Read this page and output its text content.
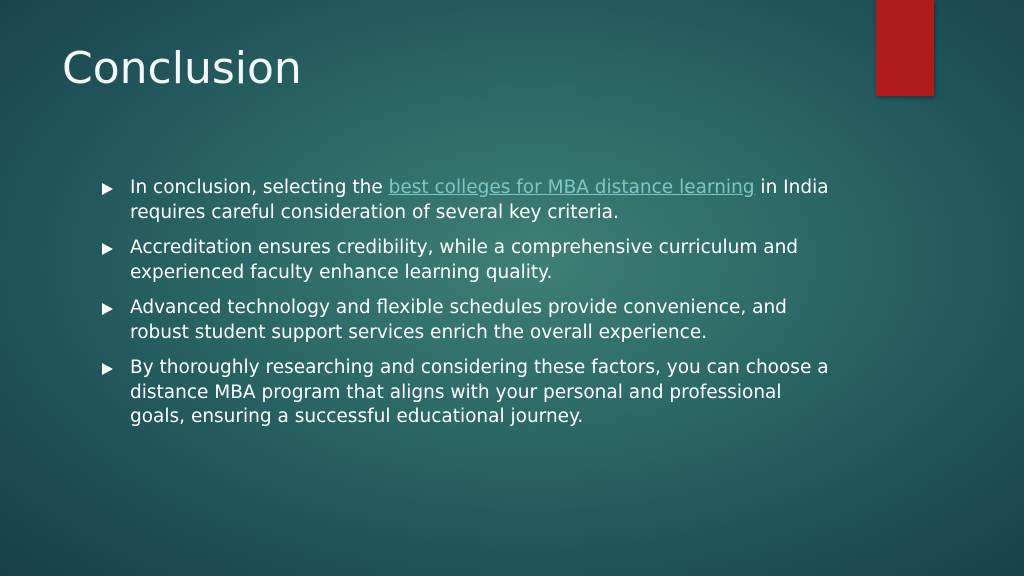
Conclusion
In conclusion, selecting the best colleges for MBA distance learning in India requires careful consideration of several key criteria.
Accreditation ensures credibility, while a comprehensive curriculum and experienced faculty enhance learning quality.
Advanced technology and flexible schedules provide convenience, and robust student support services enrich the overall experience.
By thoroughly researching and considering these factors, you can choose a distance MBA program that aligns with your personal and professional goals, ensuring a successful educational journey.
